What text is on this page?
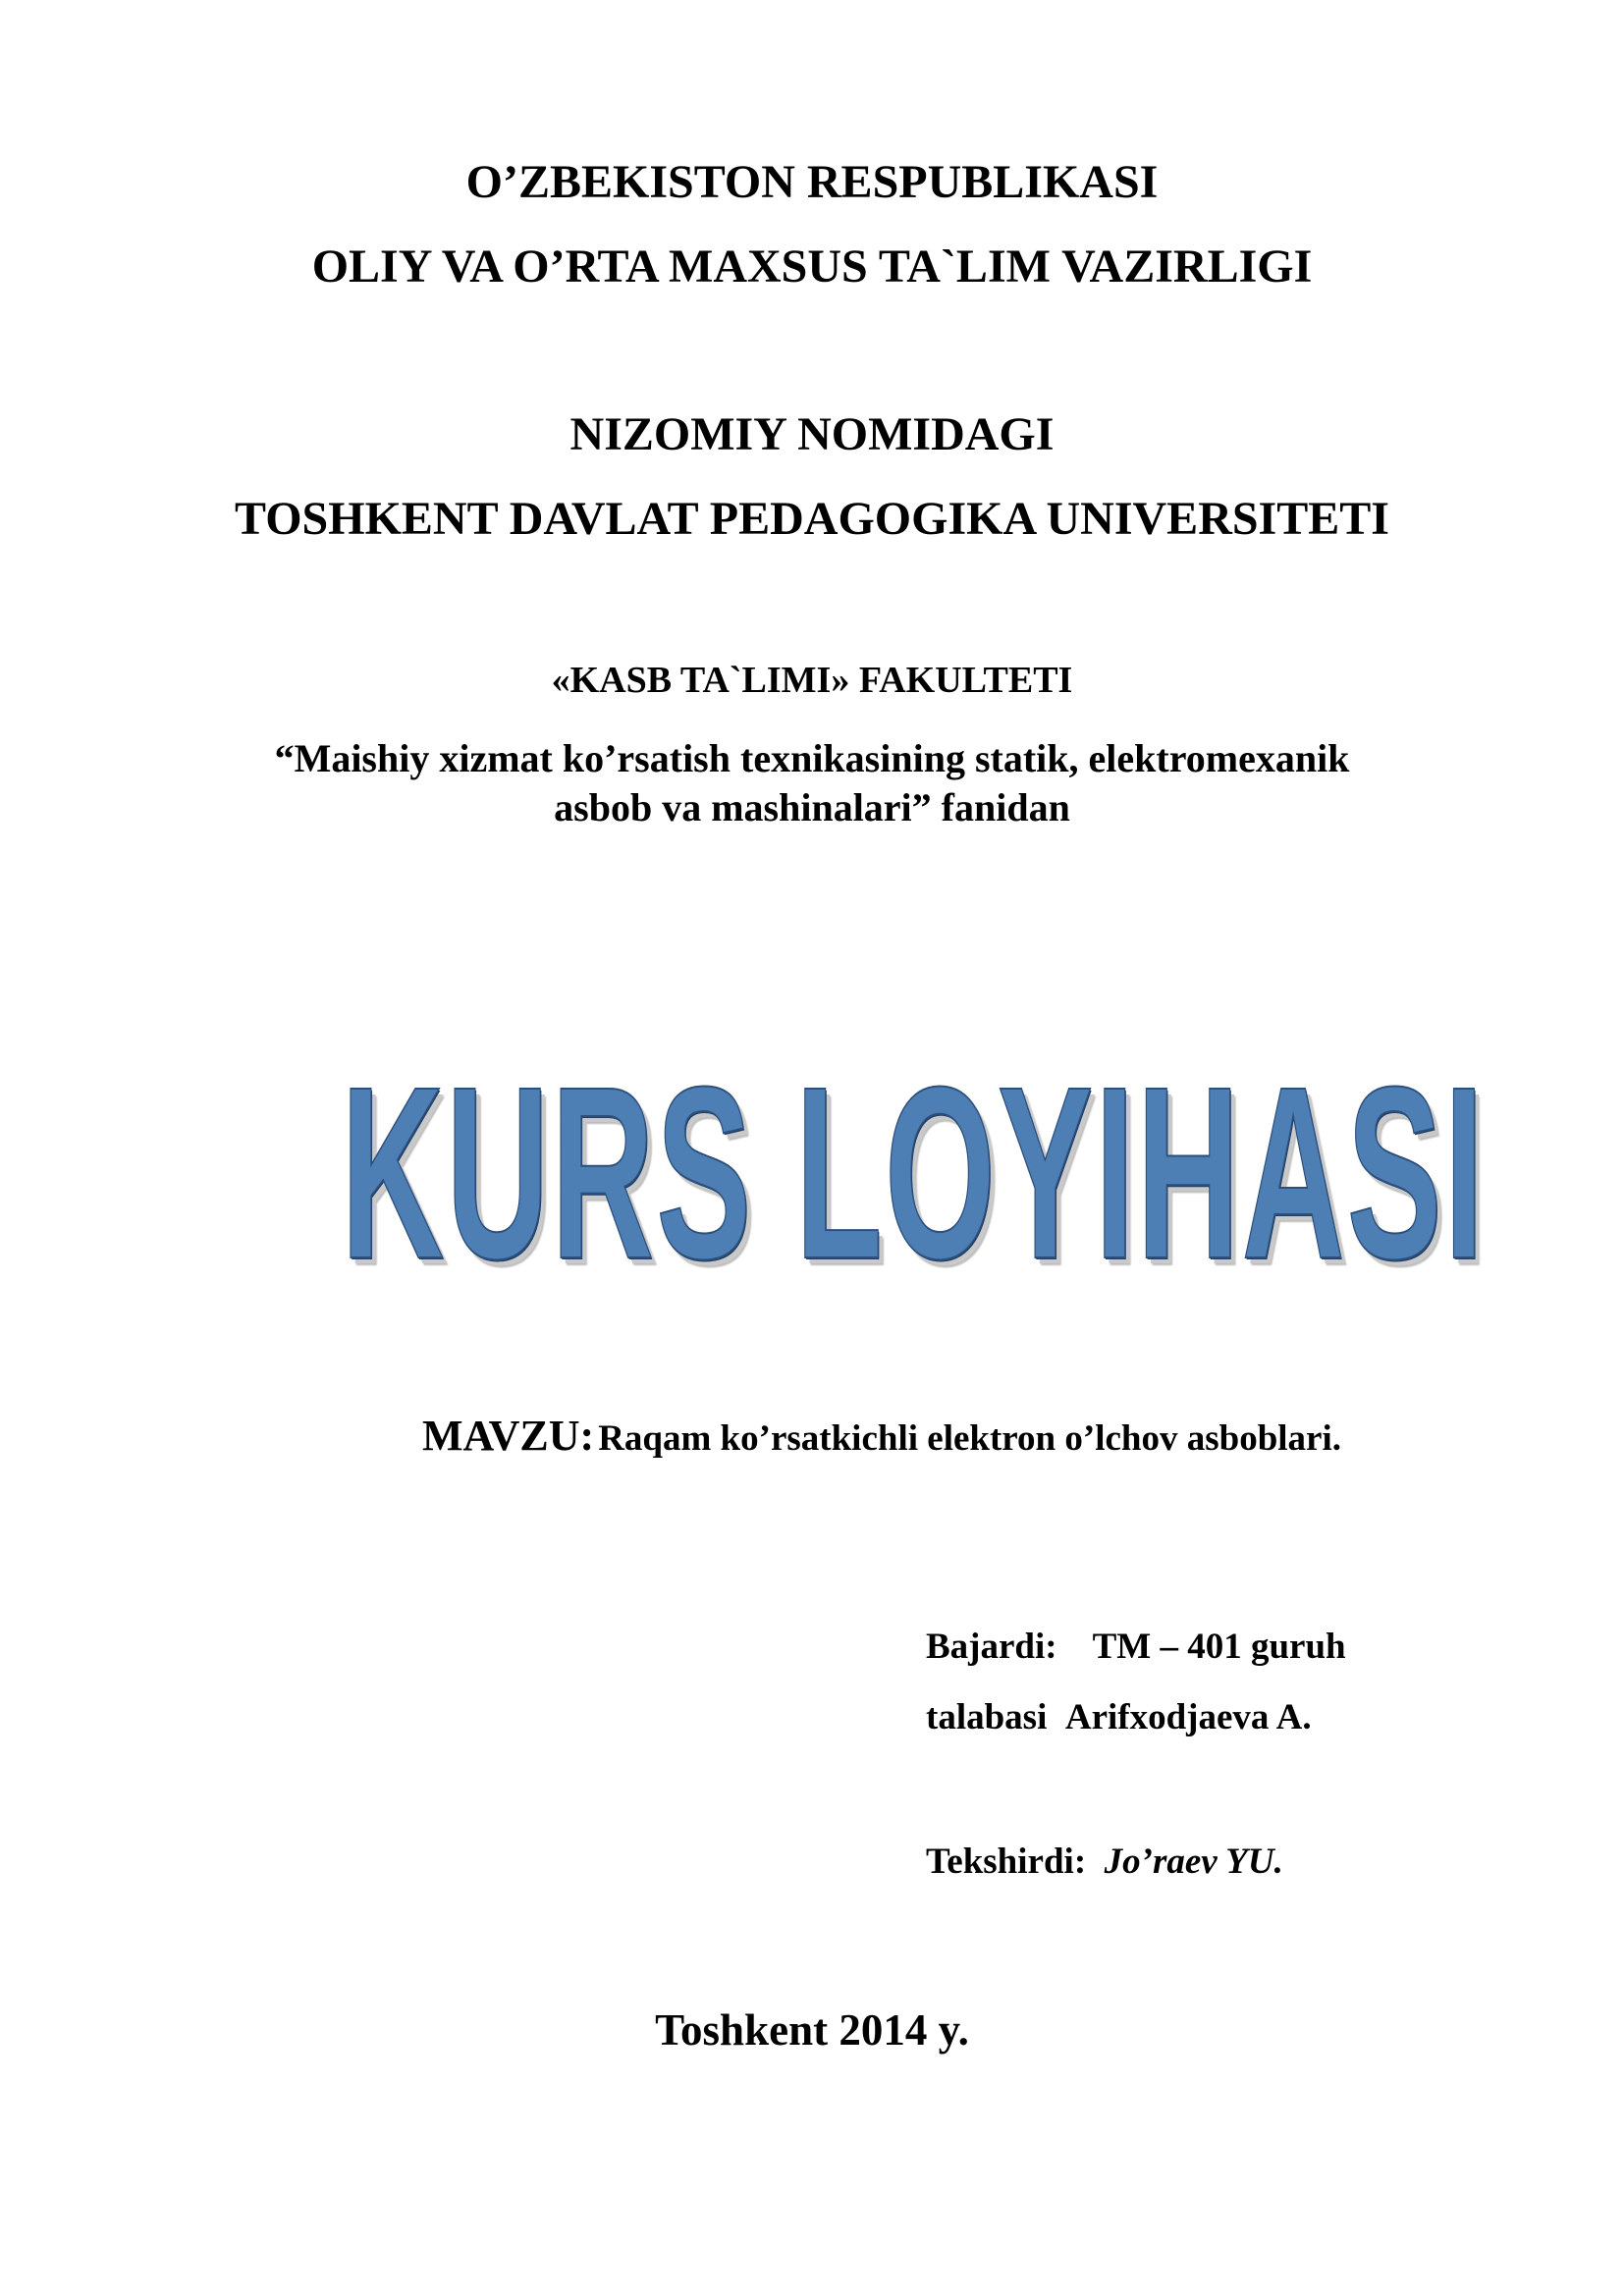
O’ZBEKISTON RESPUBLIKASI

OLIY VA O’RTA MAXSUS TA`LIM VAZIRLIGI

NIZOMIY NOMIDAGI

TOSHKENT DAVLAT PEDAGOGIKA UNIVERSITETI

«KASB TA`LIMI» FAKULTETI

“Maishiy xizmat ko’rsatish texnikasining statik, elektromexanik

asbob va mashinalari” fanidan

KURS LOYIHASI
MAVZU: Raqam ko’rsatkichli elektron o’lchov asboblari.
Bajardi: TM – 401 guruh
talabasi Arifxodjaeva A.
Tekshirdi: Jo’raev YU.
Toshkent 2014 y.
